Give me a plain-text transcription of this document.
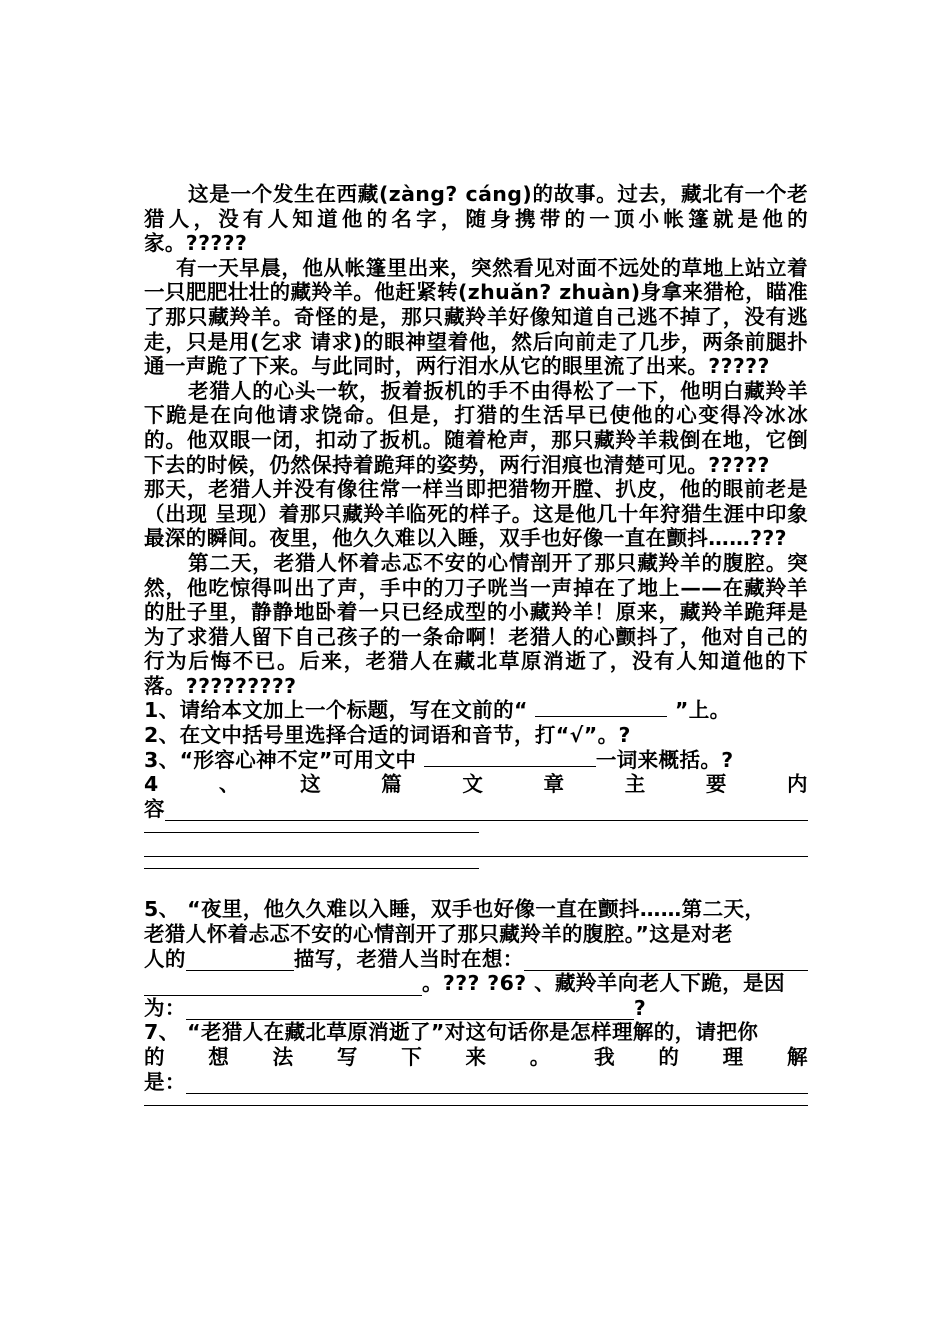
这是一个发生在西藏(zàng? cáng)的故事。过去，藏北有一个老猎人，没有人知道他的名字，随身携带的一顶小帐篷就是他的家。?????

有一天早晨，他从帐篷里出来，突然看见对面不远处的草地上站立着一只肥肥壮壮的藏羚羊。他赶紧转(zhuǎn? zhuàn)身拿来猎枪，瞄准了那只藏羚羊。奇怪的是，那只藏羚羊好像知道自己逃不掉了，没有逃走，只是用(乞求 请求)的眼神望着他，然后向前走了几步，两条前腿扑通一声跪了下来。与此同时，两行泪水从它的眼里流了出来。?????

老猎人的心头一软，扳着扳机的手不由得松了一下，他明白藏羚羊下跪是在向他请求饶命。但是，打猎的生活早已使他的心变得冷冰冰的。他双眼一闭，扣动了扳机。随着枪声，那只藏羚羊栽倒在地，它倒下去的时候，仍然保持着跪拜的姿势，两行泪痕也清楚可见。?????

那天，老猎人并没有像往常一样当即把猎物开膛、扒皮，他的眼前老是（出现 呈现）着那只藏羚羊临死的样子。这是他几十年狩猎生涯中印象最深的瞬间。夜里，他久久难以入睡，双手也好像一直在颤抖……???

第二天，老猎人怀着忐忑不安的心情剖开了那只藏羚羊的腹腔。突然，他吃惊得叫出了声，手中的刀子咣当一声掉在了地上——在藏羚羊的肚子里，静静地卧着一只已经成型的小藏羚羊！原来，藏羚羊跪拜是为了求猎人留下自己孩子的一条命啊！老猎人的心颤抖了，他对自己的行为后悔不已。后来，老猎人在藏北草原消逝了，没有人知道他的下落。?????????

1、请给本文加上一个标题，写在文前的“	”上。

2、在文中括号里选择合适的词语和音节，打“√”。?

3、“形容心神不定”可用文中	一词来概括。?

4	、	这	篇	文	章	主	要	内
容

5、 “夜里，他久久难以入睡，双手也好像一直在颤抖……第二天，

老猎人怀着忐忑不安的心情剖开了那只藏羚羊的腹腔。”这是对老

人的	描写，老猎人当时在想：
。??? ?6? 、藏羚羊向老人下跪，是因
为：	?

7、 “老猎人在藏北草原消逝了”对这句话你是怎样理解的，请把你

的 想 法 写 下 来 。 我 的 理 解
是：
